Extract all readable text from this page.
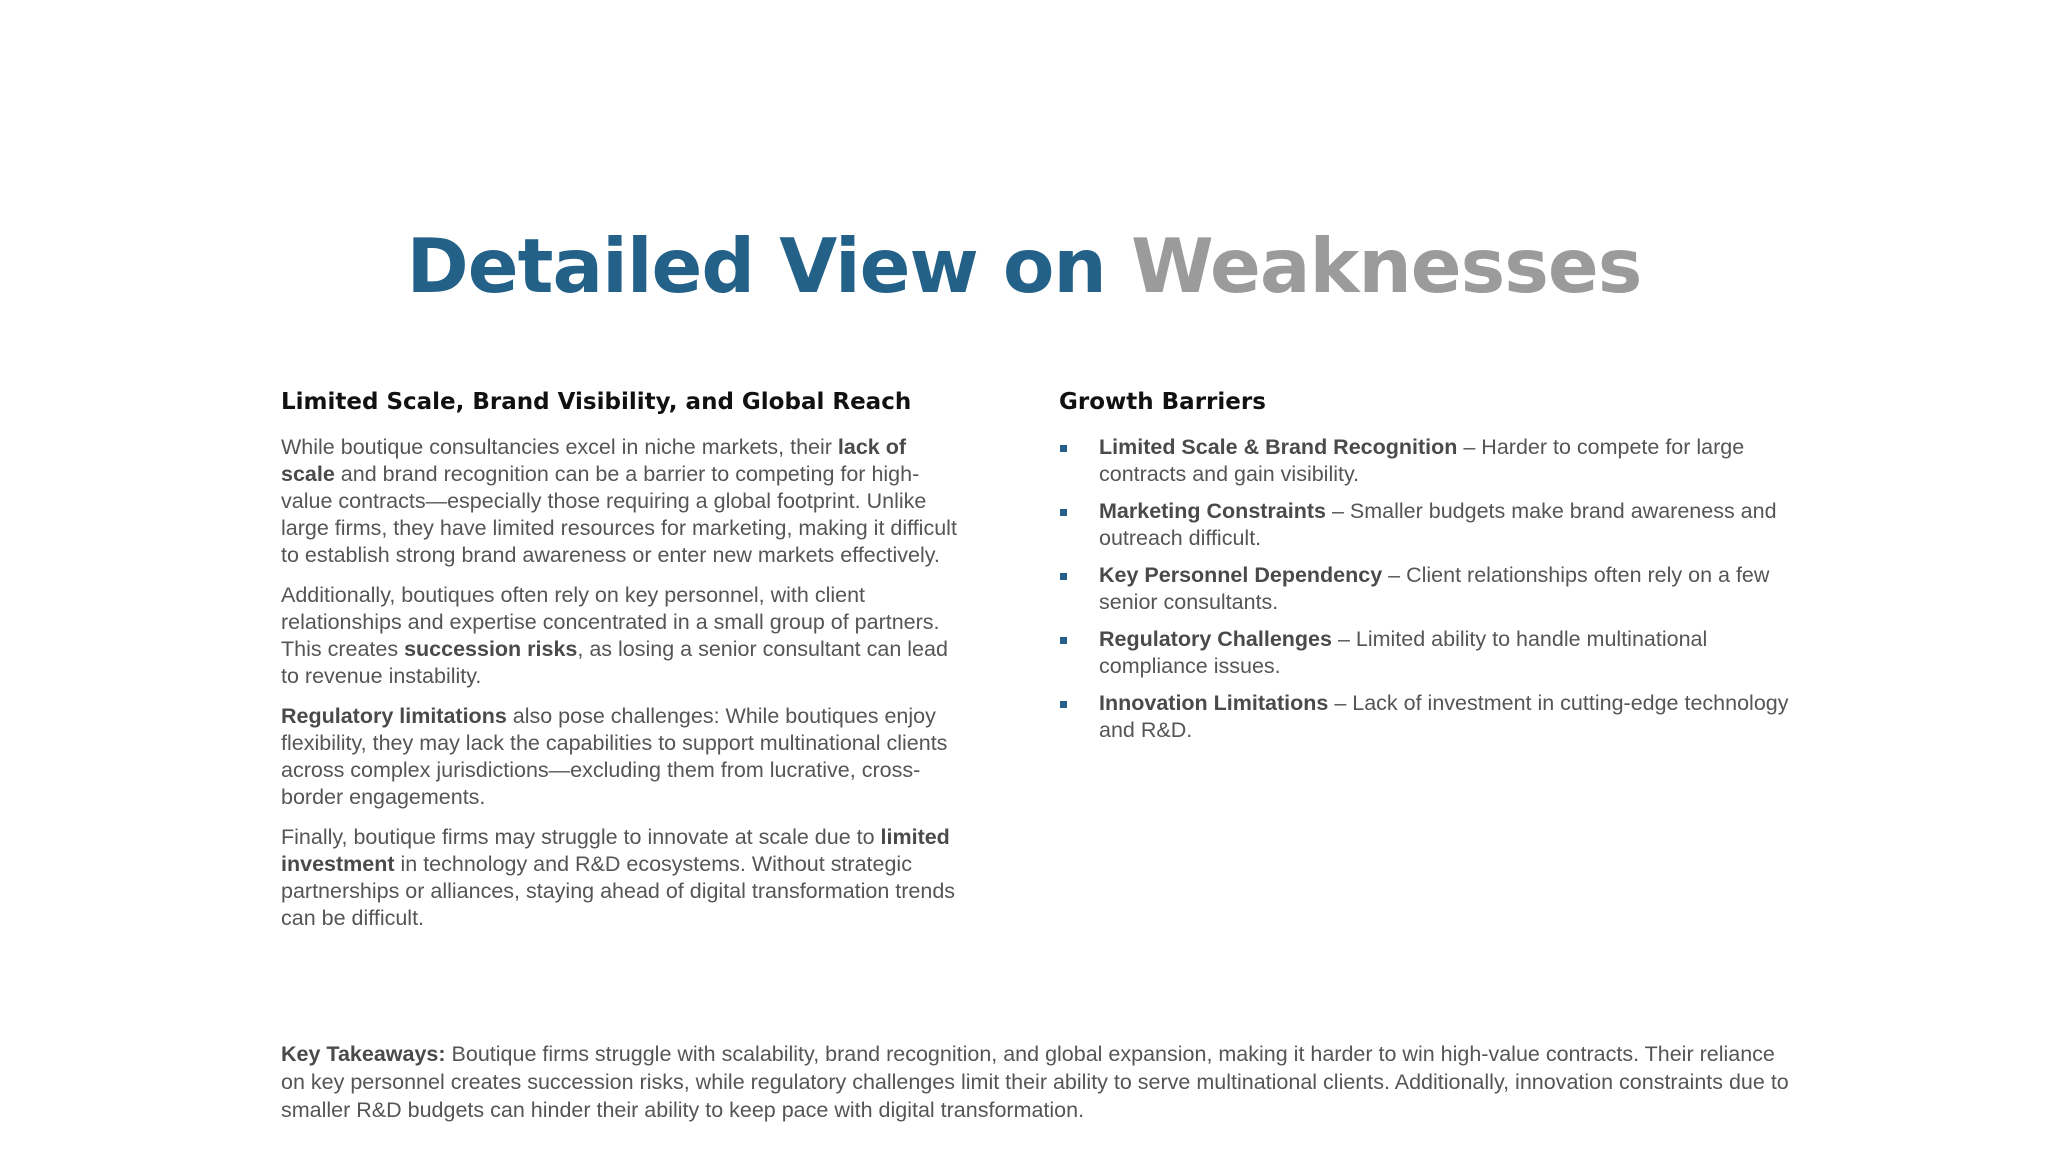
Detailed View on Weaknesses
Limited Scale, Brand Visibility, and Global Reach

While boutique consultancies excel in niche markets, their lack of scale and brand recognition can be a barrier to competing for high-value contracts—especially those requiring a global footprint. Unlike large firms, they have limited resources for marketing, making it difficult to establish strong brand awareness or enter new markets effectively.

Additionally, boutiques often rely on key personnel, with client relationships and expertise concentrated in a small group of partners. This creates succession risks, as losing a senior consultant can lead to revenue instability.

Regulatory limitations also pose challenges: While boutiques enjoy flexibility, they may lack the capabilities to support multinational clients across complex jurisdictions—excluding them from lucrative, cross-border engagements.

Finally, boutique firms may struggle to innovate at scale due to limited investment in technology and R&D ecosystems. Without strategic partnerships or alliances, staying ahead of digital transformation trends can be difficult.

Growth Barriers
Limited Scale & Brand Recognition – Harder to compete for large contracts and gain visibility.
Marketing Constraints – Smaller budgets make brand awareness and outreach difficult.
Key Personnel Dependency – Client relationships often rely on a few senior consultants.
Regulatory Challenges – Limited ability to handle multinational compliance issues.
Innovation Limitations – Lack of investment in cutting-edge technology and R&D.

Key Takeaways: Boutique firms struggle with scalability, brand recognition, and global expansion, making it harder to win high-value contracts. Their reliance on key personnel creates succession risks, while regulatory challenges limit their ability to serve multinational clients. Additionally, innovation constraints due to smaller R&D budgets can hinder their ability to keep pace with digital transformation.
